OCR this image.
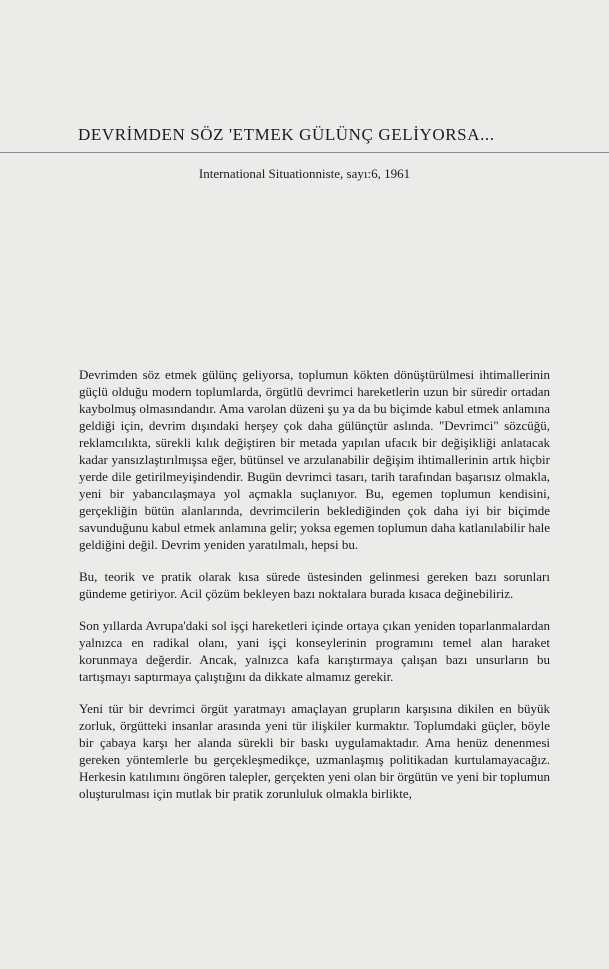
DEVRİMDEN SÖZ 'ETMEK GÜLÜNÇ GELİYORSA...
International Situationniste, sayı:6, 1961

Devrimden söz etmek gülünç geliyorsa, toplumun kökten dönüştürülmesi ihtimallerinin güçlü olduğu modern toplumlarda, örgütlü devrimci hareketlerin uzun bir süredir ortadan kaybolmuş olmasındandır. Ama varolan düzeni şu ya da bu biçimde kabul etmek anlamına geldiği için, devrim dışındaki herşey çok daha gülünçtür aslında. "Devrimci" sözcüğü, reklamcılıkta, sürekli kılık değiştiren bir metada yapılan ufacık bir değişikliği anlatacak kadar yansızlaştırılmışsa eğer, bütünsel ve arzulanabilir değişim ihtimallerinin artık hiçbir yerde dile getirilmeyişindendir. Bugün devrimci tasarı, tarih tarafından başarısız olmakla, yeni bir yabancılaşmaya yol açmakla suçlanıyor. Bu, egemen toplumun kendisini, gerçekliğin bütün alanlarında, devrimcilerin beklediğinden çok daha iyi bir biçimde savunduğunu kabul etmek anlamına gelir; yoksa egemen toplumun daha katlanılabilir hale geldiğini değil. Devrim yeniden yaratılmalı, hepsi bu.

Bu, teorik ve pratik olarak kısa sürede üstesinden gelinmesi gereken bazı sorunları gündeme getiriyor. Acil çözüm bekleyen bazı noktalara burada kısaca değinebiliriz.

Son yıllarda Avrupa'daki sol işçi hareketleri içinde ortaya çıkan yeniden toparlanmalardan yalnızca en radikal olanı, yani işçi konseylerinin programını temel alan haraket korunmaya değerdir. Ancak, yalnızca kafa karıştırmaya çalışan bazı unsurların bu tartışmayı saptırmaya çalıştığını da dikkate almamız gerekir.

Yeni tür bir devrimci örgüt yaratmayı amaçlayan grupların karşısına dikilen en büyük zorluk, örgütteki insanlar arasında yeni tür ilişkiler kurmaktır. Toplumdaki güçler, böyle bir çabaya karşı her alanda sürekli bir baskı uygulamaktadır. Ama henüz denenmesi gereken yöntemlerle bu gerçekleşmedikçe, uzmanlaşmış politikadan kurtulamayacağız. Herkesin katılımını öngören talepler, gerçekten yeni olan bir örgütün ve yeni bir toplumun oluşturulması için mutlak bir pratik zorunluluk olmakla birlikte,
